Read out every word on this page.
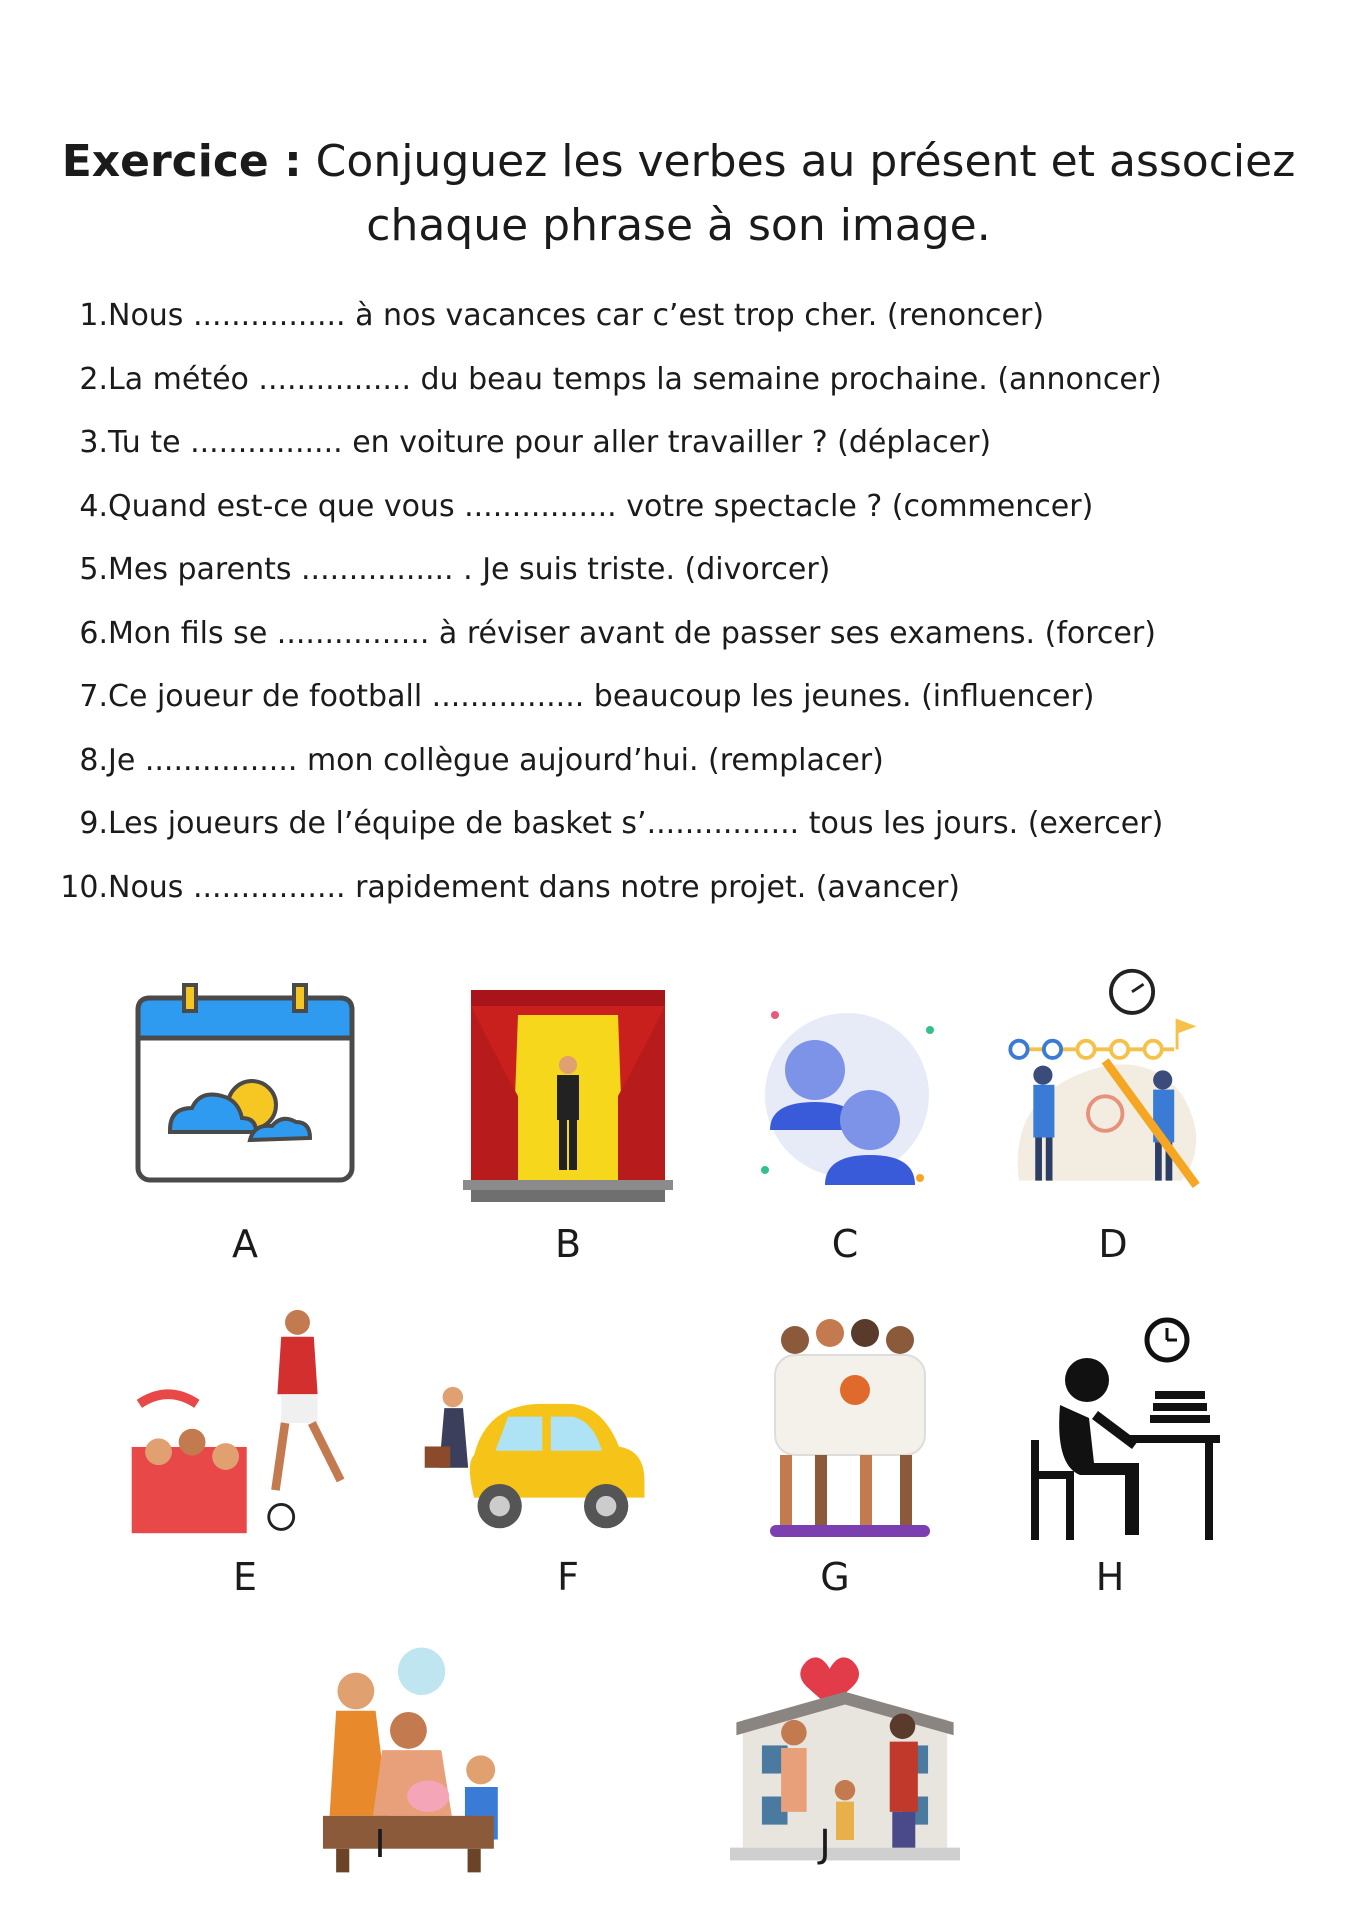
Exercice : Conjuguez les verbes au présent et associez
chaque phrase à son image.
1. Nous ................ à nos vacances car c’est trop cher. (renoncer)
2. La météo ................ du beau temps la semaine prochaine. (annoncer)
3. Tu te ................ en voiture pour aller travailler ? (déplacer)
4. Quand est-ce que vous ................ votre spectacle ? (commencer)
5. Mes parents ................ . Je suis triste. (divorcer)
6. Mon fils se ................ à réviser avant de passer ses examens. (forcer)
7. Ce joueur de football ................ beaucoup les jeunes. (influencer)
8. Je ................ mon collègue aujourd’hui. (remplacer)
9. Les joueurs de l’équipe de basket s’................ tous les jours. (exercer)
10. Nous ................ rapidement dans notre projet. (avancer)
A	B	C	D
E	F	G	H
I	J
